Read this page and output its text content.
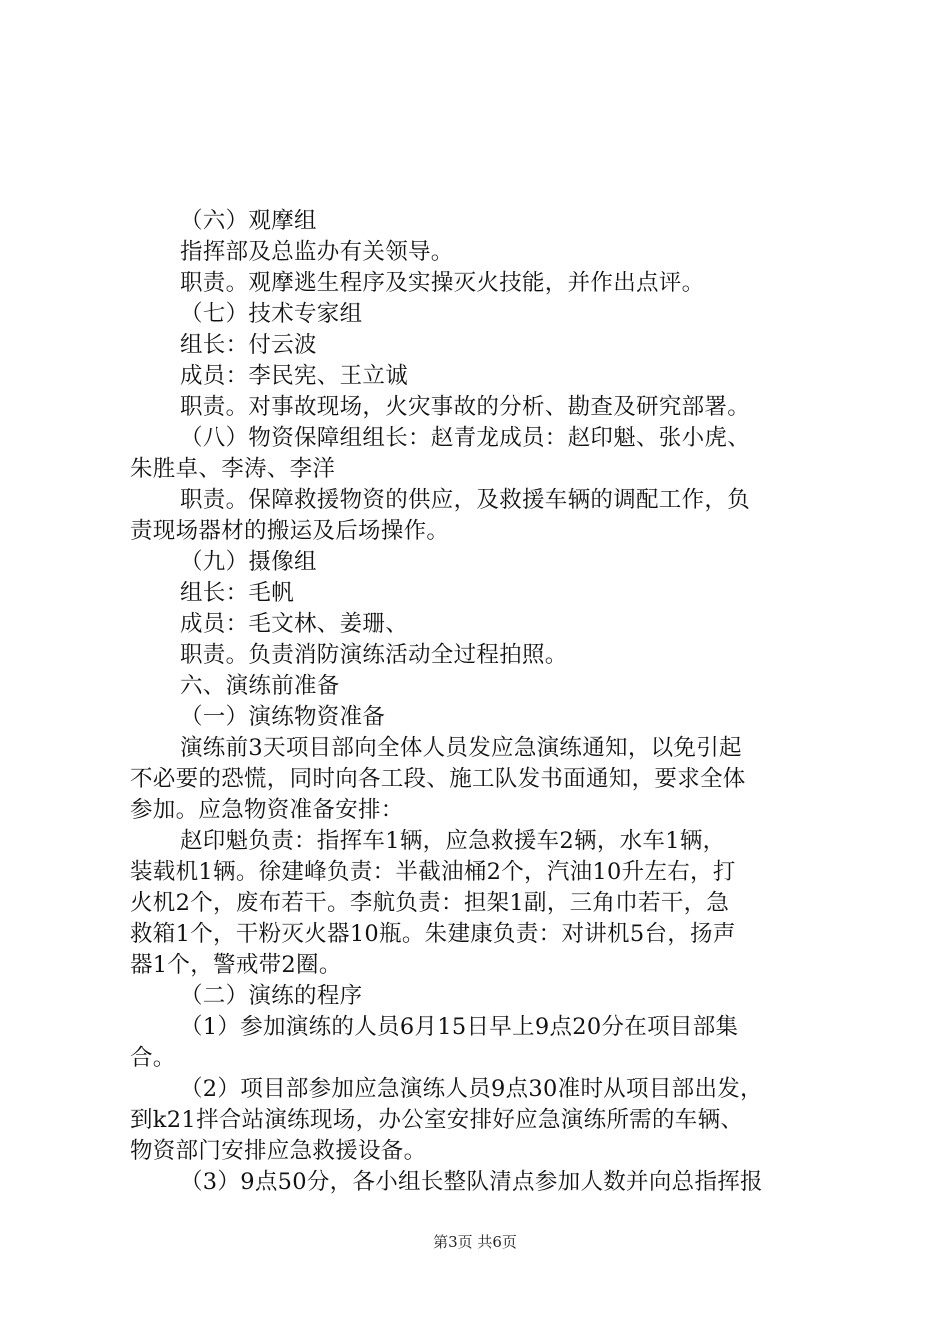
（六）观摩组
指挥部及总监办有关领导。
职责。观摩逃生程序及实操灭火技能，并作出点评。
（七）技术专家组
组长：付云波
成员：李民宪、王立诚
职责。对事故现场，火灾事故的分析、勘查及研究部署。
（八）物资保障组组长：赵青龙成员：赵印魁、张小虎、
朱胜卓、李涛、李洋
职责。保障救援物资的供应，及救援车辆的调配工作，负
责现场器材的搬运及后场操作。
（九）摄像组
组长：毛帆
成员：毛文林、姜珊、
职责。负责消防演练活动全过程拍照。
六、演练前准备
（一）演练物资准备
演练前3天项目部向全体人员发应急演练通知，以免引起
不必要的恐慌，同时向各工段、施工队发书面通知，要求全体
参加。应急物资准备安排：
赵印魁负责：指挥车1辆，应急救援车2辆，水车1辆，
装载机1辆。徐建峰负责：半截油桶2个，汽油10升左右，打
火机2个，废布若干。李航负责：担架1副，三角巾若干，急
救箱1个，干粉灭火器10瓶。朱建康负责：对讲机5台，扬声
器1个，警戒带2圈。
（二）演练的程序
（1）参加演练的人员6月15日早上9点20分在项目部集
合。
（2）项目部参加应急演练人员9点30准时从项目部出发，
到k21拌合站演练现场，办公室安排好应急演练所需的车辆、
物资部门安排应急救援设备。
（3）9点50分，各小组长整队清点参加人数并向总指挥报
第3页 共6页
